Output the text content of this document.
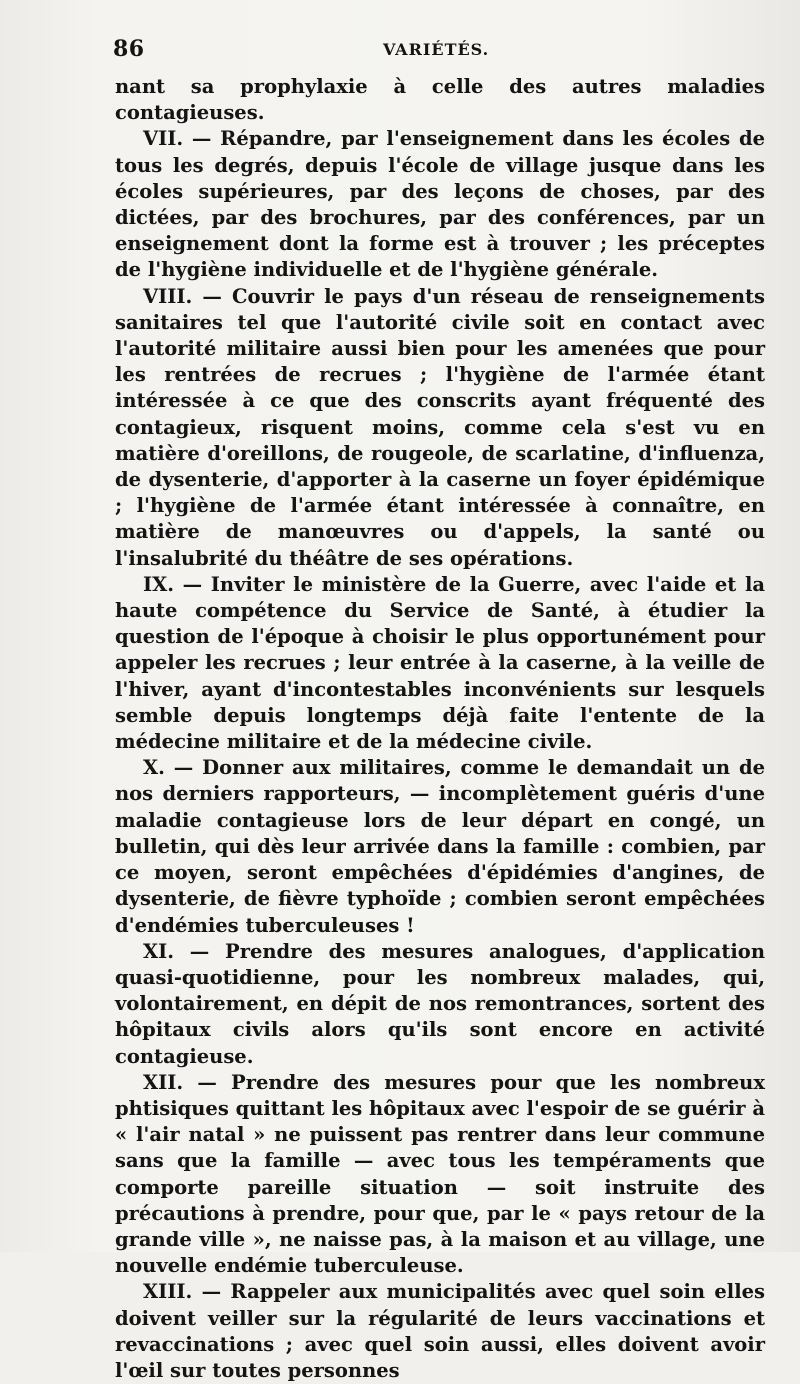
86	VARIÉTÉS.

nant sa prophylaxie à celle des autres maladies contagieuses.

VII. — Répandre, par l'enseignement dans les écoles de tous les degrés, depuis l'école de village jusque dans les écoles supérieures, par des leçons de choses, par des dictées, par des brochures, par des conférences, par un enseignement dont la forme est à trouver ; les préceptes de l'hygiène individuelle et de l'hygiène générale.

VIII. — Couvrir le pays d'un réseau de renseignements sanitaires tel que l'autorité civile soit en contact avec l'autorité militaire aussi bien pour les amenées que pour les rentrées de recrues ; l'hygiène de l'armée étant intéressée à ce que des conscrits ayant fréquenté des contagieux, risquent moins, comme cela s'est vu en matière d'oreillons, de rougeole, de scarlatine, d'influenza, de dysenterie, d'apporter à la caserne un foyer épidémique ; l'hygiène de l'armée étant intéressée à connaître, en matière de manœuvres ou d'appels, la santé ou l'insalubrité du théâtre de ses opérations.

IX. — Inviter le ministère de la Guerre, avec l'aide et la haute compétence du Service de Santé, à étudier la question de l'époque à choisir le plus opportunément pour appeler les recrues ; leur entrée à la caserne, à la veille de l'hiver, ayant d'incontestables inconvénients sur lesquels semble depuis longtemps déjà faite l'entente de la médecine militaire et de la médecine civile.

X. — Donner aux militaires, comme le demandait un de nos derniers rapporteurs, — incomplètement guéris d'une maladie contagieuse lors de leur départ en congé, un bulletin, qui dès leur arrivée dans la famille : combien, par ce moyen, seront empêchées d'épidémies d'angines, de dysenterie, de fièvre typhoïde ; combien seront empêchées d'endémies tuberculeuses !

XI. — Prendre des mesures analogues, d'application quasi-quotidienne, pour les nombreux malades, qui, volontairement, en dépit de nos remontrances, sortent des hôpitaux civils alors qu'ils sont encore en activité contagieuse.

XII. — Prendre des mesures pour que les nombreux phtisiques quittant les hôpitaux avec l'espoir de se guérir à « l'air natal » ne puissent pas rentrer dans leur commune sans que la famille — avec tous les tempéraments que comporte pareille situation — soit instruite des précautions à prendre, pour que, par le « pays retour de la grande ville », ne naisse pas, à la maison et au village, une nouvelle endémie tuberculeuse.

XIII. — Rappeler aux municipalités avec quel soin elles doivent veiller sur la régularité de leurs vaccinations et revaccinations ; avec quel soin aussi, elles doivent avoir l'œil sur toutes personnes
